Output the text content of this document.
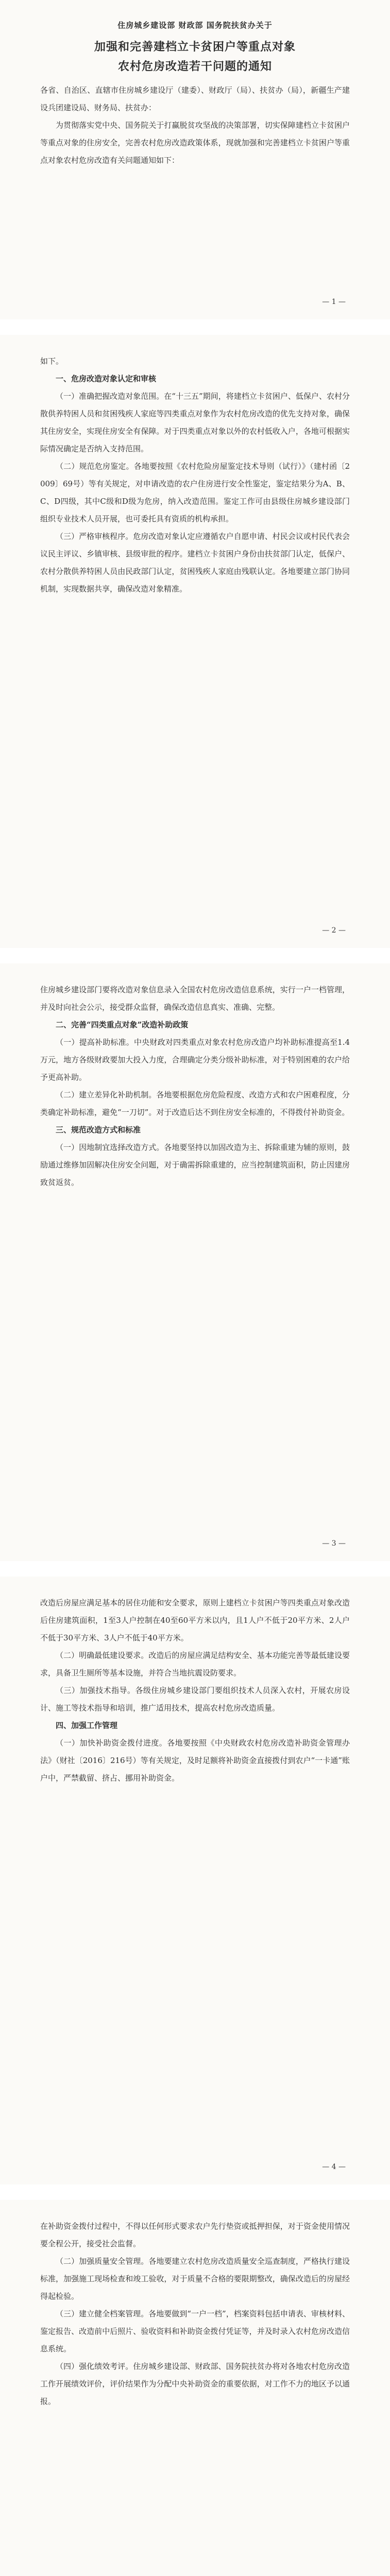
住房城乡建设部 财政部 国务院扶贫办关于
加强和完善建档立卡贫困户等重点对象
农村危房改造若干问题的通知

各省、自治区、直辖市住房城乡建设厅（建委）、财政厅（局）、扶贫办（局），新疆生产建设兵团建设局、财务局、扶贫办：

为贯彻落实党中央、国务院关于打赢脱贫攻坚战的决策部署，切实保障建档立卡贫困户等重点对象的住房安全，完善农村危房改造政策体系，现就加强和完善建档立卡贫困户等重点对象农村危房改造有关问题通知如下：

— 1 —

如下。

一、危房改造对象认定和审核

（一）准确把握改造对象范围。在“十三五”期间，将建档立卡贫困户、低保户、农村分散供养特困人员和贫困残疾人家庭等四类重点对象作为农村危房改造的优先支持对象，确保其住房安全，实现住房安全有保障。对于四类重点对象以外的农村低收入户，各地可根据实际情况确定是否纳入支持范围。

（二）规范危房鉴定。各地要按照《农村危险房屋鉴定技术导则（试行）》（建村函〔2009〕69号）等有关规定，对申请改造的农户住房进行安全性鉴定，鉴定结果分为A、B、C、D四级，其中C级和D级为危房，纳入改造范围。鉴定工作可由县级住房城乡建设部门组织专业技术人员开展，也可委托具有资质的机构承担。

（三）严格审核程序。危房改造对象认定应遵循农户自愿申请、村民会议或村民代表会议民主评议、乡镇审核、县级审批的程序。建档立卡贫困户身份由扶贫部门认定，低保户、农村分散供养特困人员由民政部门认定，贫困残疾人家庭由残联认定。各地要建立部门协同机制，实现数据共享，确保改造对象精准。

— 2 —

住房城乡建设部门要将改造对象信息录入全国农村危房改造信息系统，实行一户一档管理，并及时向社会公示，接受群众监督，确保改造信息真实、准确、完整。

二、完善“四类重点对象”改造补助政策

（一）提高补助标准。中央财政对四类重点对象农村危房改造户均补助标准提高至1.4万元，地方各级财政要加大投入力度，合理确定分类分级补助标准，对于特别困难的农户给予更高补助。

（二）建立差异化补助机制。各地要根据危房危险程度、改造方式和农户困难程度，分类确定补助标准，避免“一刀切”。对于改造后达不到住房安全标准的，不得拨付补助资金。

三、规范改造方式和标准

（一）因地制宜选择改造方式。各地要坚持以加固改造为主、拆除重建为辅的原则，鼓励通过维修加固解决住房安全问题，对于确需拆除重建的，应当控制建筑面积，防止因建房致贫返贫。

— 3 —

改造后房屋应满足基本的居住功能和安全要求，原则上建档立卡贫困户等四类重点对象改造后住房建筑面积，1至3人户控制在40至60平方米以内，且1人户不低于20平方米、2人户不低于30平方米、3人户不低于40平方米。

（二）明确最低建设要求。改造后的房屋应满足结构安全、基本功能完善等最低建设要求，具备卫生厕所等基本设施，并符合当地抗震设防要求。

（三）加强技术指导。各级住房城乡建设部门要组织技术人员深入农村，开展农房设计、施工等技术指导和培训，推广适用技术，提高农村危房改造质量。

四、加强工作管理

（一）加快补助资金拨付进度。各地要按照《中央财政农村危房改造补助资金管理办法》（财社〔2016〕216号）等有关规定，及时足额将补助资金直接拨付到农户“一卡通”账户中，严禁截留、挤占、挪用补助资金。

— 4 —

在补助资金拨付过程中，不得以任何形式要求农户先行垫资或抵押担保，对于资金使用情况要全程公开，接受社会监督。

（二）加强质量安全管理。各地要建立农村危房改造质量安全巡查制度，严格执行建设标准，加强施工现场检查和竣工验收，对于质量不合格的要限期整改，确保改造后的房屋经得起检验。

（三）建立健全档案管理。各地要做到“一户一档”，档案资料包括申请表、审核材料、鉴定报告、改造前中后照片、验收资料和补助资金拨付凭证等，并及时录入农村危房改造信息系统。

（四）强化绩效考评。住房城乡建设部、财政部、国务院扶贫办将对各地农村危房改造工作开展绩效评价，评价结果作为分配中央补助资金的重要依据，对工作不力的地区予以通报。
